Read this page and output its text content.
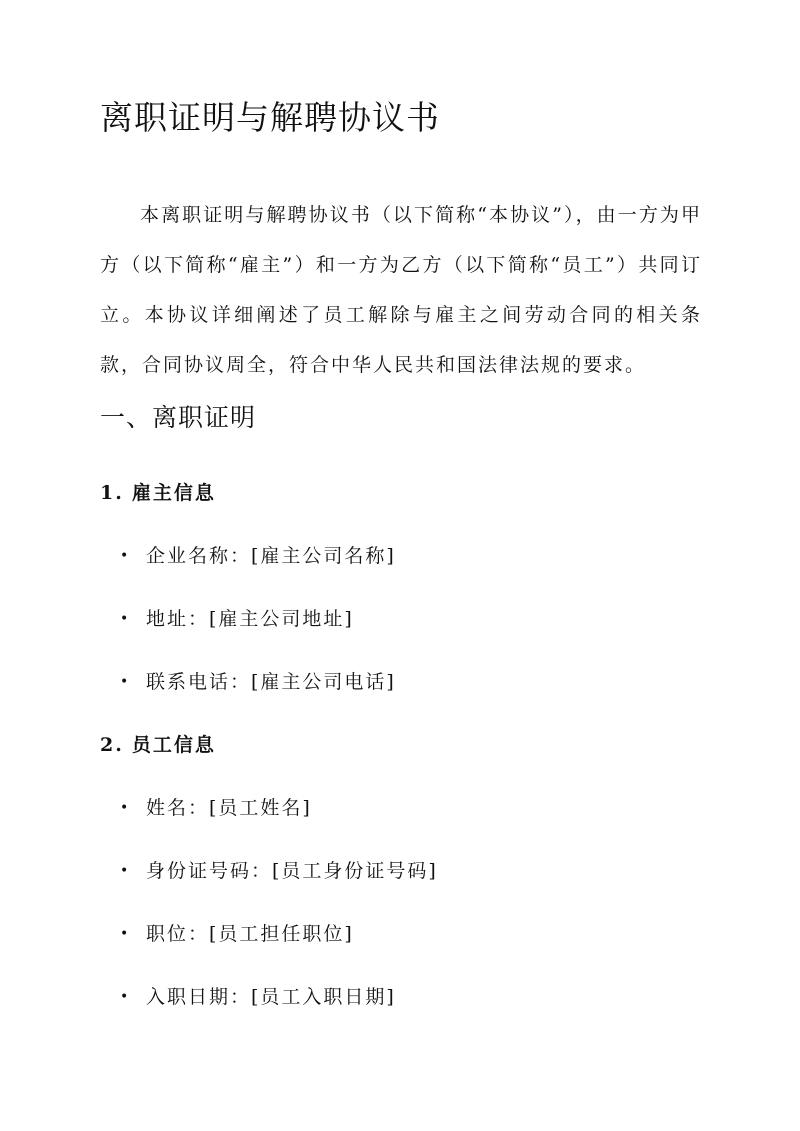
离职证明与解聘协议书

本离职证明与解聘协议书（以下简称“本协议”），由一方为甲方（以下简称“雇主”）和一方为乙方（以下简称“员工”）共同订立。本协议详细阐述了员工解除与雇主之间劳动合同的相关条款，合同协议周全，符合中华人民共和国法律法规的要求。

一、离职证明
1. 雇主信息
• 企业名称：[雇主公司名称]
• 地址：[雇主公司地址]
• 联系电话：[雇主公司电话]
2. 员工信息
• 姓名：[员工姓名]
• 身份证号码：[员工身份证号码]
• 职位：[员工担任职位]
• 入职日期：[员工入职日期]
